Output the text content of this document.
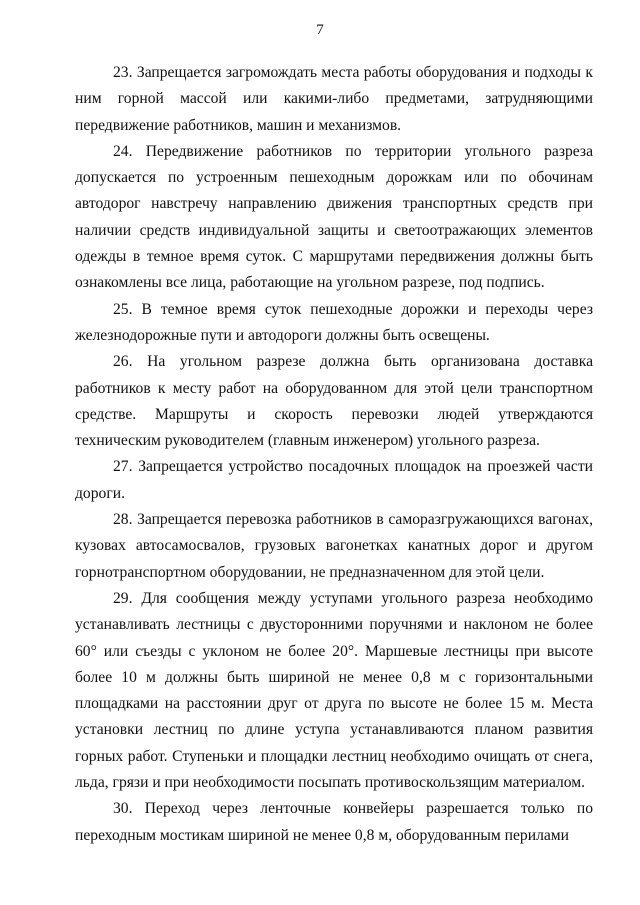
7

23. Запрещается загромождать места работы оборудования и подходы к ним горной массой или какими-либо предметами, затрудняющими передвижение работников, машин и механизмов.

24. Передвижение работников по территории угольного разреза допускается по устроенным пешеходным дорожкам или по обочинам автодорог навстречу направлению движения транспортных средств при наличии средств индивидуальной защиты и светоотражающих элементов одежды в темное время суток. С маршрутами передвижения должны быть ознакомлены все лица, работающие на угольном разрезе, под подпись.

25. В темное время суток пешеходные дорожки и переходы через железнодорожные пути и автодороги должны быть освещены.

26. На угольном разрезе должна быть организована доставка работников к месту работ на оборудованном для этой цели транспортном средстве. Маршруты и скорость перевозки людей утверждаются техническим руководителем (главным инженером) угольного разреза.

27. Запрещается устройство посадочных площадок на проезжей части дороги.

28. Запрещается перевозка работников в саморазгружающихся вагонах, кузовах автосамосвалов, грузовых вагонетках канатных дорог и другом горнотранспортном оборудовании, не предназначенном для этой цели.

29. Для сообщения между уступами угольного разреза необходимо устанавливать лестницы с двусторонними поручнями и наклоном не более 60° или съезды с уклоном не более 20°. Маршевые лестницы при высоте более 10 м должны быть шириной не менее 0,8 м с горизонтальными площадками на расстоянии друг от друга по высоте не более 15 м. Места установки лестниц по длине уступа устанавливаются планом развития горных работ. Ступеньки и площадки лестниц необходимо очищать от снега, льда, грязи и при необходимости посыпать противоскользящим материалом.

30. Переход через ленточные конвейеры разрешается только по переходным мостикам шириной не менее 0,8 м, оборудованным перилами
